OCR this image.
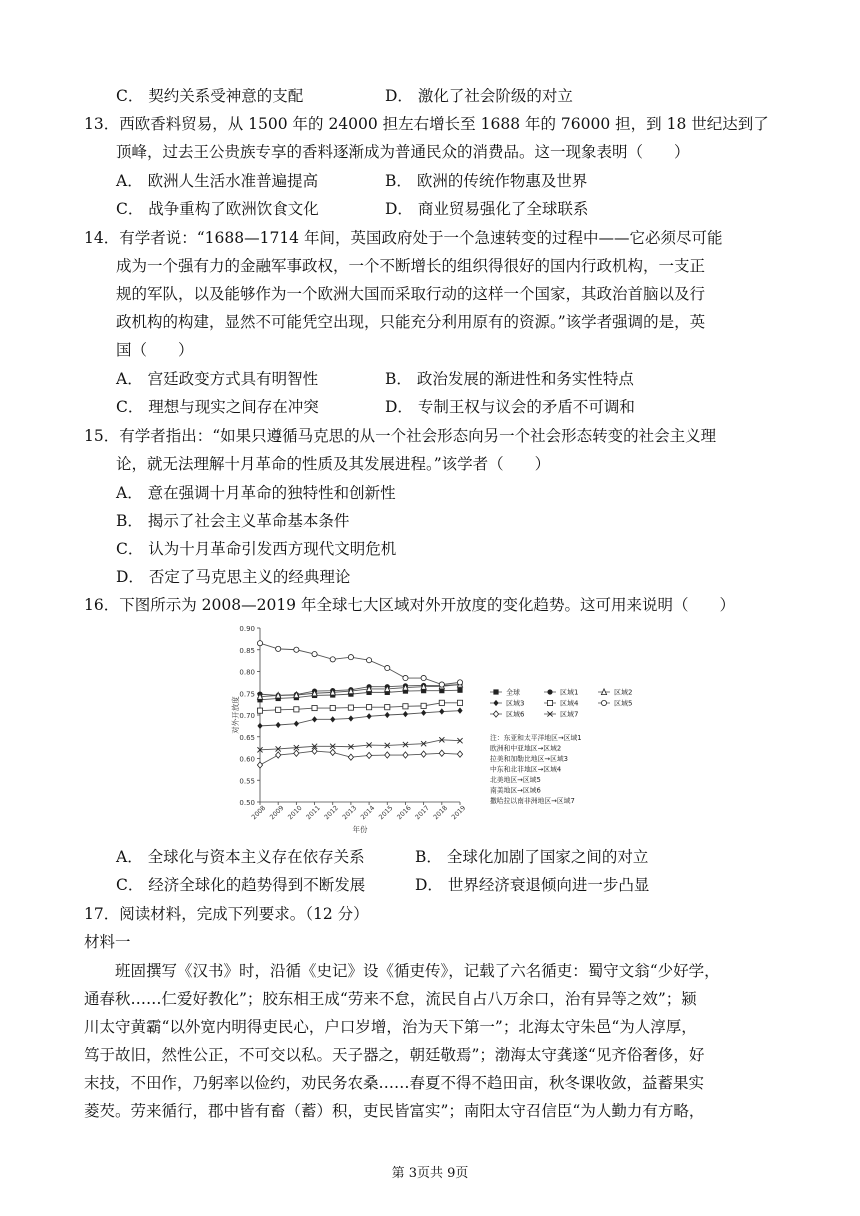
C． 契约关系受神意的支配	D． 激化了社会阶级的对立
13．西欧香料贸易，从 1500 年的 24000 担左右增长至 1688 年的 76000 担，到 18 世纪达到了
顶峰，过去王公贵族专享的香料逐渐成为普通民众的消费品。这一现象表明（　　）
A． 欧洲人生活水准普遍提高	B． 欧洲的传统作物惠及世界
C． 战争重构了欧洲饮食文化	D． 商业贸易强化了全球联系
14．有学者说：“1688—1714 年间，英国政府处于一个急速转变的过程中——它必须尽可能
成为一个强有力的金融军事政权，一个不断增长的组织得很好的国内行政机构，一支正
规的军队，以及能够作为一个欧洲大国而采取行动的这样一个国家，其政治首脑以及行
政机构的构建，显然不可能凭空出现，只能充分利用原有的资源。”该学者强调的是，英
国（　　）
A． 宫廷政变方式具有明智性	B． 政治发展的渐进性和务实性特点
C． 理想与现实之间存在冲突	D． 专制王权与议会的矛盾不可调和
15．有学者指出：“如果只遵循马克思的从一个社会形态向另一个社会形态转变的社会主义理
论，就无法理解十月革命的性质及其发展进程。”该学者（　　）
A． 意在强调十月革命的独特性和创新性
B． 揭示了社会主义革命基本条件
C． 认为十月革命引发西方现代文明危机
D． 否定了马克思主义的经典理论
16．下图所示为 2008—2019 年全球七大区域对外开放度的变化趋势。这可用来说明（　　）
0.50
0.55
0.60
0.65
0.70
0.75
0.80
0.85
0.90
2008 2009 2010 2011 2012 2013 2014 2015 2016 2017 2018 2019
年份
对外开放度
全球	区域1	区域2
区域3	区域4	区域5
区域6	区域7
注：东亚和太平洋地区→区域1
欧洲和中亚地区→区域2
拉美和加勒比地区→区域3
中东和北非地区→区域4
北美地区→区域5
南美地区→区域6
撒哈拉以南非洲地区→区域7
A． 全球化与资本主义存在依存关系	B． 全球化加剧了国家之间的对立
C． 经济全球化的趋势得到不断发展	D． 世界经济衰退倾向进一步凸显
17．阅读材料，完成下列要求。（12 分）
材料一
　　班固撰写《汉书》时，沿循《史记》设《循吏传》，记载了六名循吏：蜀守文翁“少好学，
通春秋……仁爱好教化”；胶东相王成“劳来不怠，流民自占八万余口，治有异等之效”；颍
川太守黄霸“以外宽内明得吏民心，户口岁增，治为天下第一”；北海太守朱邑“为人淳厚，
笃于故旧，然性公正，不可交以私。天子器之，朝廷敬焉”；渤海太守龚遂“见齐俗奢侈，好
末技，不田作，乃躬率以俭约，劝民务农桑……春夏不得不趋田亩，秋冬课收敛，益蓄果实
菱芡。劳来循行，郡中皆有畜（蓄）积，吏民皆富实”；南阳太守召信臣“为人勤力有方略，
第 3页共 9页
